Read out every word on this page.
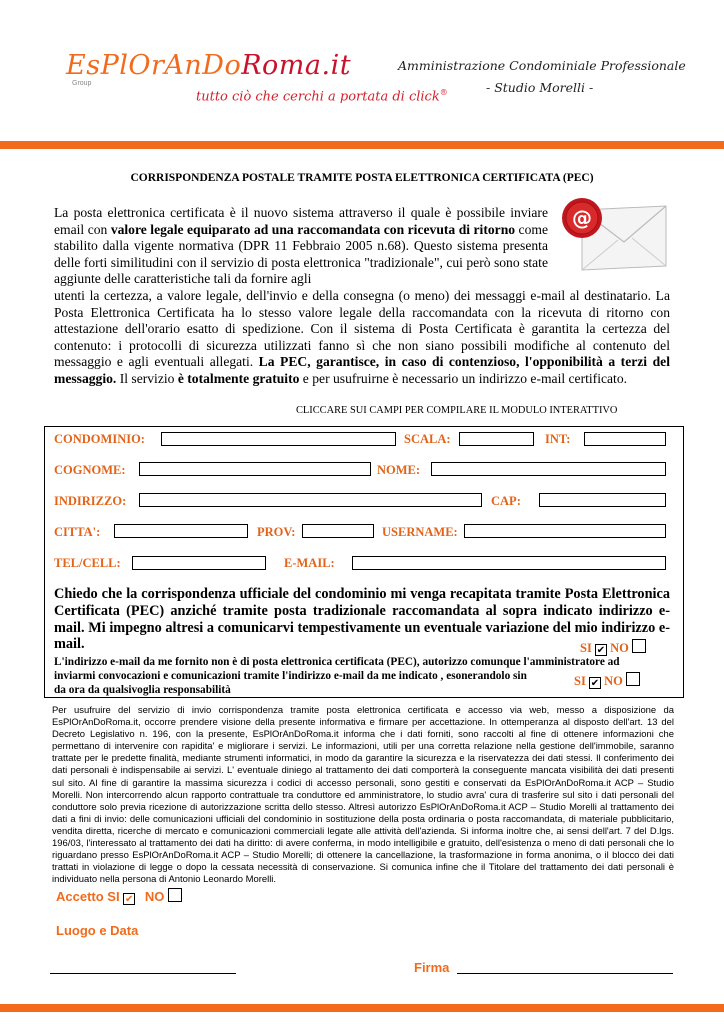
EsPlOrAnDoRoma.it
Group
tutto ciò che cerchi a portata di click®
Amministrazione Condominiale Professionale
- Studio Morelli -
CORRISPONDENZA POSTALE TRAMITE POSTA ELETTRONICA CERTIFICATA (PEC)
@
La posta elettronica certificata è il nuovo sistema attraverso il quale è possibile inviare email con valore legale equiparato ad una raccomandata con ricevuta di ritorno come stabilito dalla vigente normativa (DPR 11 Febbraio 2005 n.68). Questo sistema presenta delle forti similitudini con il servizio di posta elettronica "tradizionale", cui però sono state aggiunte delle caratteristiche tali da fornire agli
utenti la certezza, a valore legale, dell'invio e della consegna (o meno) dei messaggi e-mail al destinatario. La Posta Elettronica Certificata ha lo stesso valore legale della raccomandata con la ricevuta di ritorno con attestazione dell'orario esatto di spedizione. Con il sistema di Posta Certificata è garantita la certezza del contenuto: i protocolli di sicurezza utilizzati fanno sì che non siano possibili modifiche al contenuto del messaggio e agli eventuali allegati. La PEC, garantisce, in caso di contenzioso, l'opponibilità a terzi del messaggio. Il servizio è totalmente gratuito e per usufruirne è necessario un indirizzo e-mail certificato.
CLICCARE SUI CAMPI PER COMPILARE IL MODULO INTERATTIVO
CONDOMINIO:	SCALA:	INT:
COGNOME:	NOME:
INDIRIZZO:	CAP:
CITTA':	PROV:	USERNAME:
TEL/CELL:	E-MAIL:
Chiedo che la corrispondenza ufficiale del condominio mi venga recapitata tramite Posta Elettronica Certificata (PEC) anziché tramite posta tradizionale raccomandata al sopra indicato indirizzo e-mail. Mi impegno altresi a comunicarvi tempestivamente un eventuale variazione del mio indirizzo e-mail.	SI ✔ NO
L'indirizzo e-mail da me fornito non è di posta elettronica certificata (PEC), autorizzo comunque l'amministratore ad inviarmi convocazioni e comunicazioni tramite l'indirizzo e-mail da me indicato , esonerandolo sin
da ora da qualsivoglia responsabilità
SI ✔ NO
Per usufruire del servizio di invio corrispondenza tramite posta elettronica certificata e accesso via web, messo a disposizione da EsPlOrAnDoRoma.it, occorre prendere visione della presente informativa e firmare per accettazione. In ottemperanza al disposto dell'art. 13 del Decreto Legislativo n. 196, con la presente, EsPlOrAnDoRoma.it informa che i dati forniti, sono raccolti al fine di ottenere informazioni che permettano di intervenire con rapidita' e migliorare i servizi. Le informazioni, utili per una corretta relazione nella gestione dell'immobile, saranno trattate per le predette finalità, mediante strumenti informatici, in modo da garantire la sicurezza e la riservatezza dei dati stessi. Il conferimento dei dati personali è indispensabile ai servizi. L' eventuale diniego al trattamento dei dati comporterà la conseguente mancata visibilità dei dati presenti sul sito. Al fine di garantire la massima sicurezza i codici di accesso personali, sono gestiti e conservati da EsPlOrAnDoRoma.it ACP – Studio Morelli. Non intercorrendo alcun rapporto contrattuale tra conduttore ed amministratore, lo studio avra' cura di trasferire sul sito i dati personali del conduttore solo previa ricezione di autorizzazione scritta dello stesso. Altresì autorizzo EsPlOrAnDoRoma.it ACP – Studio Morelli al trattamento dei dati a fini di invio: delle comunicazioni ufficiali del condominio in sostituzione della posta ordinaria o posta raccomandata, di materiale pubblicitario, vendita diretta, ricerche di mercato e comunicazioni commerciali legate alle attività dell'azienda. Si informa inoltre che, ai sensi dell'art. 7 del D.lgs. 196/03, l'interessato al trattamento dei dati ha diritto: di avere conferma, in modo intelligibile e gratuito, dell'esistenza o meno di dati personali che lo riguardano presso EsPlOrAnDoRoma.it ACP – Studio Morelli; di ottenere la cancellazione, la trasformazione in forma anonima, o il blocco dei dati trattati in violazione di legge o dopo la cessata necessità di conservazione. Si comunica infine che il Titolare del trattamento dei dati personali è individuato nella persona di Antonio Leonardo Morelli.
Accetto SI ✔ NO
Luogo e Data
Firma
